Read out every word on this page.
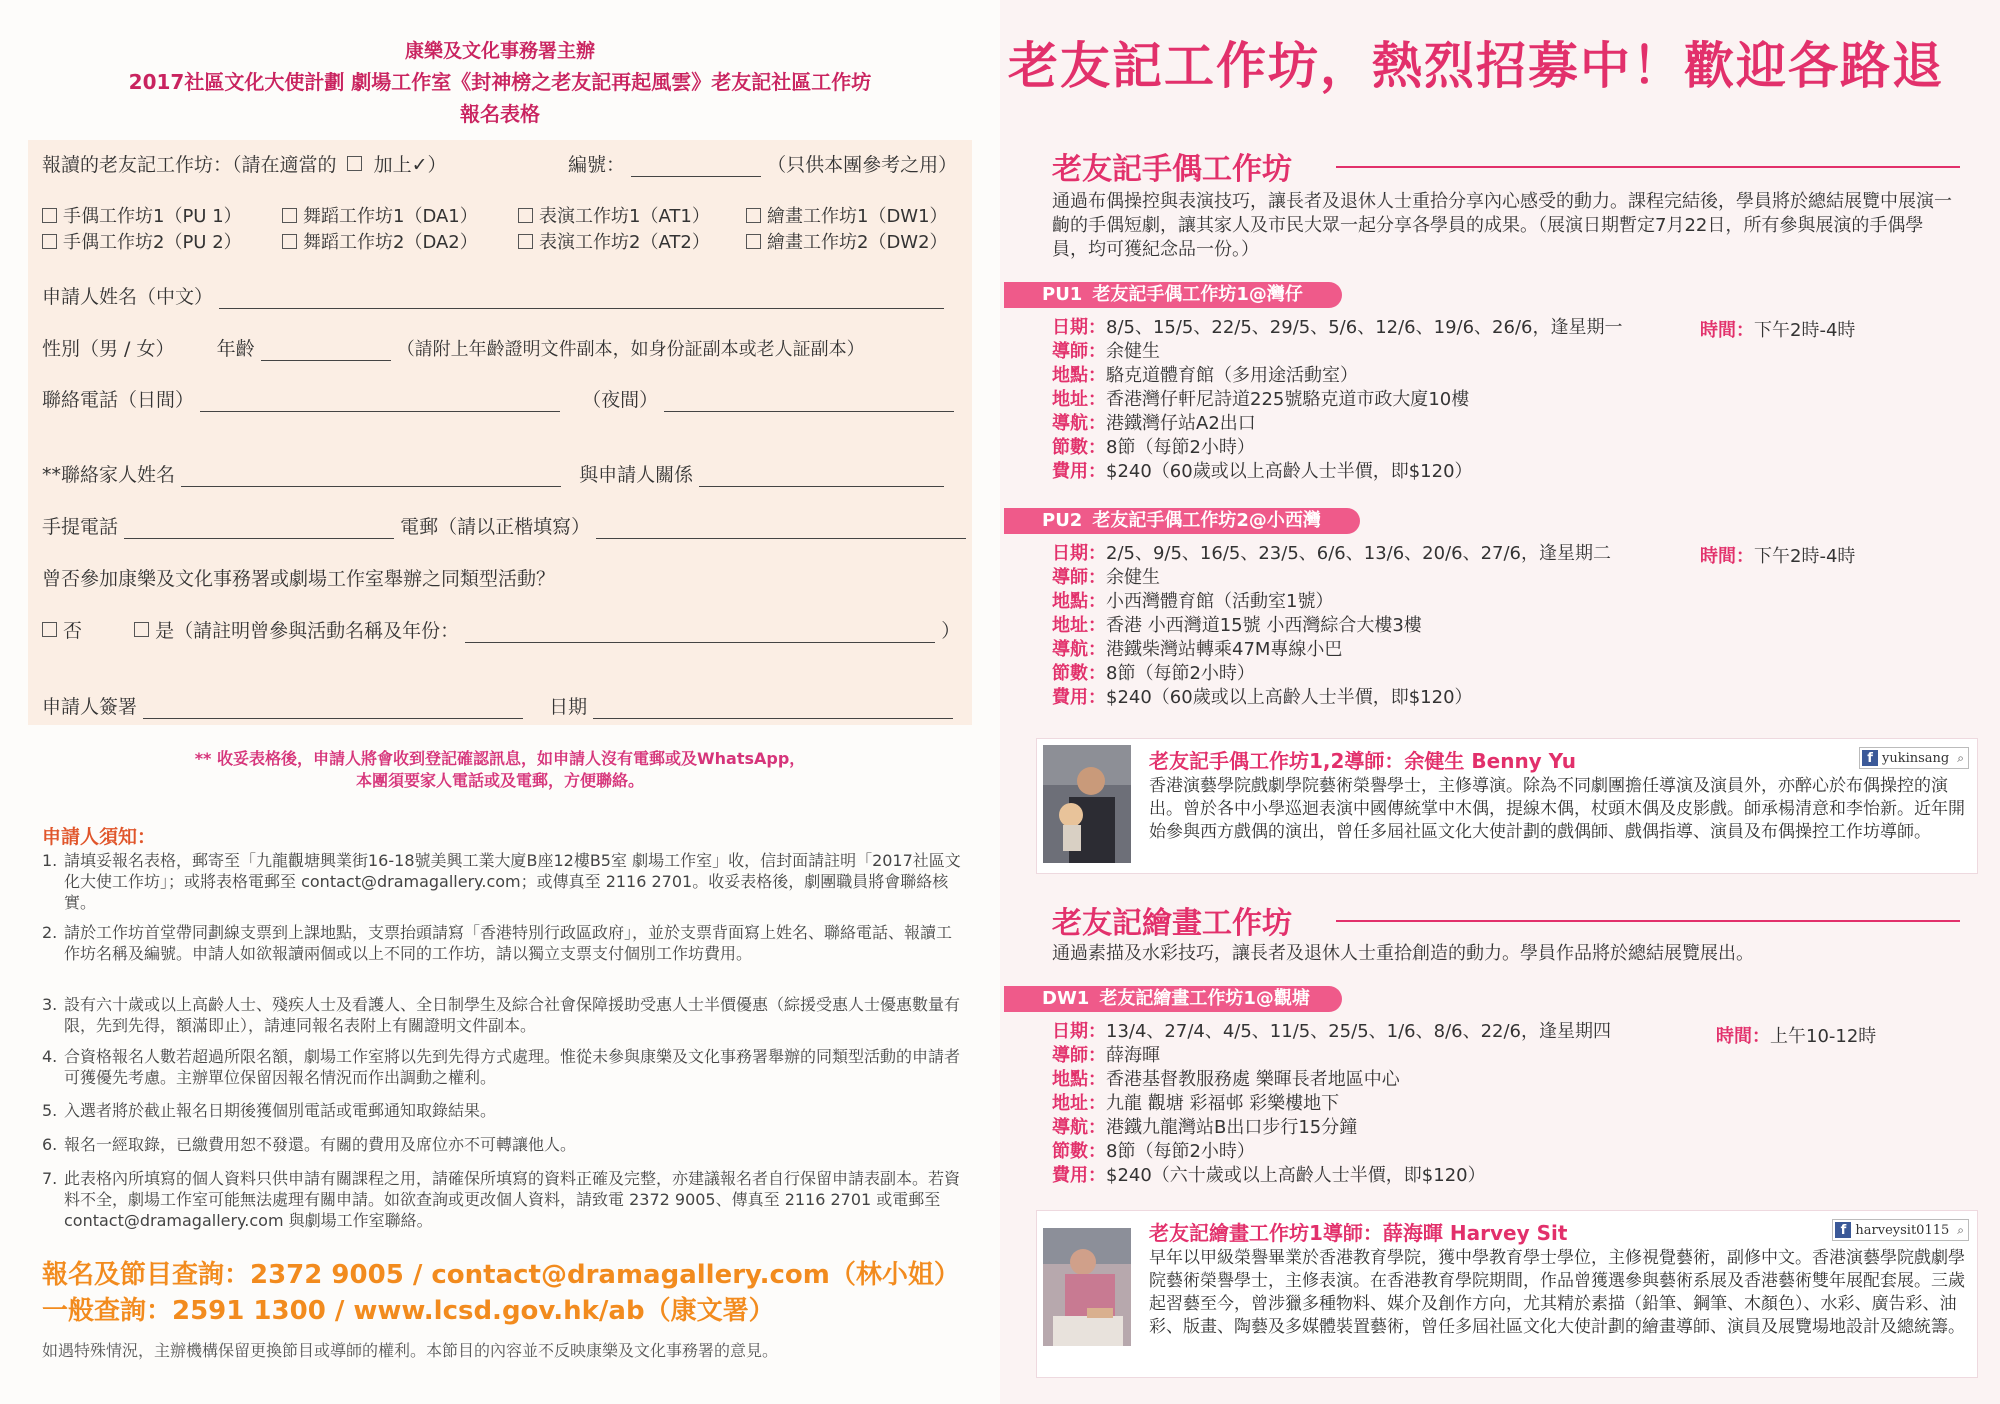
康樂及文化事務署主辦
2017社區文化大使計劃 劇場工作室《封神榜之老友記再起風雲》老友記社區工作坊
報名表格
報讀的老友記工作坊：（請在適當的 加上✓）	編號：	（只供本團參考之用）
手偶工作坊1（PU 1）	舞蹈工作坊1（DA1）	表演工作坊1（AT1）	繪畫工作坊1（DW1）
手偶工作坊2（PU 2）	舞蹈工作坊2（DA2）	表演工作坊2（AT2）	繪畫工作坊2（DW2）
申請人姓名（中文）
性別（男 / 女） 年齡	（請附上年齡證明文件副本，如身份証副本或老人証副本）
聯絡電話（日間）	（夜間）
**聯絡家人姓名	與申請人關係
手提電話	電郵（請以正楷填寫）
曾否參加康樂及文化事務署或劇場工作室舉辦之同類型活動？
否	是（請註明曾參與活動名稱及年份：	）
申請人簽署	日期
** 收妥表格後，申請人將會收到登記確認訊息，如申請人沒有電郵或及WhatsApp，
本團須要家人電話或及電郵，方便聯絡。
申請人須知：
1. 請填妥報名表格，郵寄至「九龍觀塘興業街16-18號美興工業大廈B座12樓B5室 劇場工作室」收，信封面請註明「2017社區文化大使工作坊」；或將表格電郵至 contact@dramagallery.com；或傳真至 2116 2701。收妥表格後，劇團職員將會聯絡核實。
2. 請於工作坊首堂帶同劃線支票到上課地點，支票抬頭請寫「香港特別行政區政府」，並於支票背面寫上姓名、聯絡電話、報讀工作坊名稱及編號。申請人如欲報讀兩個或以上不同的工作坊，請以獨立支票支付個別工作坊費用。
3. 設有六十歲或以上高齡人士、殘疾人士及看護人、全日制學生及綜合社會保障援助受惠人士半價優惠（綜援受惠人士優惠數量有限，先到先得，額滿即止），請連同報名表附上有關證明文件副本。
4. 合資格報名人數若超過所限名額，劇場工作室將以先到先得方式處理。惟從未參與康樂及文化事務署舉辦的同類型活動的申請者可獲優先考慮。主辦單位保留因報名情況而作出調動之權利。
5. 入選者將於截止報名日期後獲個別電話或電郵通知取錄結果。
6. 報名一經取錄，已繳費用恕不發還。有關的費用及席位亦不可轉讓他人。
7. 此表格內所填寫的個人資料只供申請有關課程之用，請確保所填寫的資料正確及完整，亦建議報名者自行保留申請表副本。若資料不全，劇場工作室可能無法處理有關申請。如欲查詢或更改個人資料，請致電 2372 9005、傳真至 2116 2701 或電郵至 contact@dramagallery.com 與劇場工作室聯絡。
報名及節目查詢：2372 9005 / contact@dramagallery.com（林小姐）
一般查詢：2591 1300 / www.lcsd.gov.hk/ab（康文署）
如遇特殊情況，主辦機構保留更換節目或導師的權利。本節目的內容並不反映康樂及文化事務署的意見。
老友記工作坊，熱烈招募中！歡迎各路退
老友記手偶工作坊
通過布偶操控與表演技巧，讓長者及退休人士重拾分享內心感受的動力。課程完結後，學員將於總結展覽中展演一齣的手偶短劇，讓其家人及市民大眾一起分享各學員的成果。（展演日期暫定7月22日，所有參與展演的手偶學員，均可獲紀念品一份。）
PU1 老友記手偶工作坊1@灣仔
日期：8/5、15/5、22/5、29/5、5/6、12/6、19/6、26/6，逢星期一	時間：下午2時-4時
導師：余健生
地點：駱克道體育館（多用途活動室）
地址：香港灣仔軒尼詩道225號駱克道市政大廈10樓
導航：港鐵灣仔站A2出口
節數：8節（每節2小時）
費用：$240（60歲或以上高齡人士半價，即$120）
PU2 老友記手偶工作坊2@小西灣
日期：2/5、9/5、16/5、23/5、6/6、13/6、20/6、27/6，逢星期二	時間：下午2時-4時
導師：余健生
地點：小西灣體育館（活動室1號）
地址：香港 小西灣道15號 小西灣綜合大樓3樓
導航：港鐵柴灣站轉乘47M專線小巴
節數：8節（每節2小時）
費用：$240（60歲或以上高齡人士半價，即$120）
老友記手偶工作坊1,2導師：余健生 Benny Yu	f yukinsang ⌕
香港演藝學院戲劇學院藝術榮譽學士，主修導演。除為不同劇團擔任導演及演員外，亦醉心於布偶操控的演出。曾於各中小學巡迴表演中國傳統掌中木偶，提線木偶，杖頭木偶及皮影戲。師承楊清意和李怡新。近年開始參與西方戲偶的演出，曾任多屆社區文化大使計劃的戲偶師、戲偶指導、演員及布偶操控工作坊導師。
老友記繪畫工作坊
通過素描及水彩技巧，讓長者及退休人士重拾創造的動力。學員作品將於總結展覽展出。
DW1 老友記繪畫工作坊1@觀塘
日期：13/4、27/4、4/5、11/5、25/5、1/6、8/6、22/6，逢星期四	時間：上午10-12時
導師：薛海暉
地點：香港基督教服務處 樂暉長者地區中心
地址：九龍 觀塘 彩福邨 彩樂樓地下
導航：港鐵九龍灣站B出口步行15分鐘
節數：8節（每節2小時）
費用：$240（六十歲或以上高齡人士半價，即$120）
老友記繪畫工作坊1導師：薛海暉 Harvey Sit	f harveysit0115 ⌕
早年以甲級榮譽畢業於香港教育學院，獲中學教育學士學位，主修視覺藝術，副修中文。香港演藝學院戲劇學院藝術榮譽學士，主修表演。在香港教育學院期間，作品曾獲選參與藝術系展及香港藝術雙年展配套展。三歲起習藝至今，曾涉獵多種物料、媒介及創作方向，尤其精於素描（鉛筆、鋼筆、木顏色）、水彩、廣告彩、油彩、版畫、陶藝及多媒體裝置藝術，曾任多屆社區文化大使計劃的繪畫導師、演員及展覽場地設計及總統籌。
